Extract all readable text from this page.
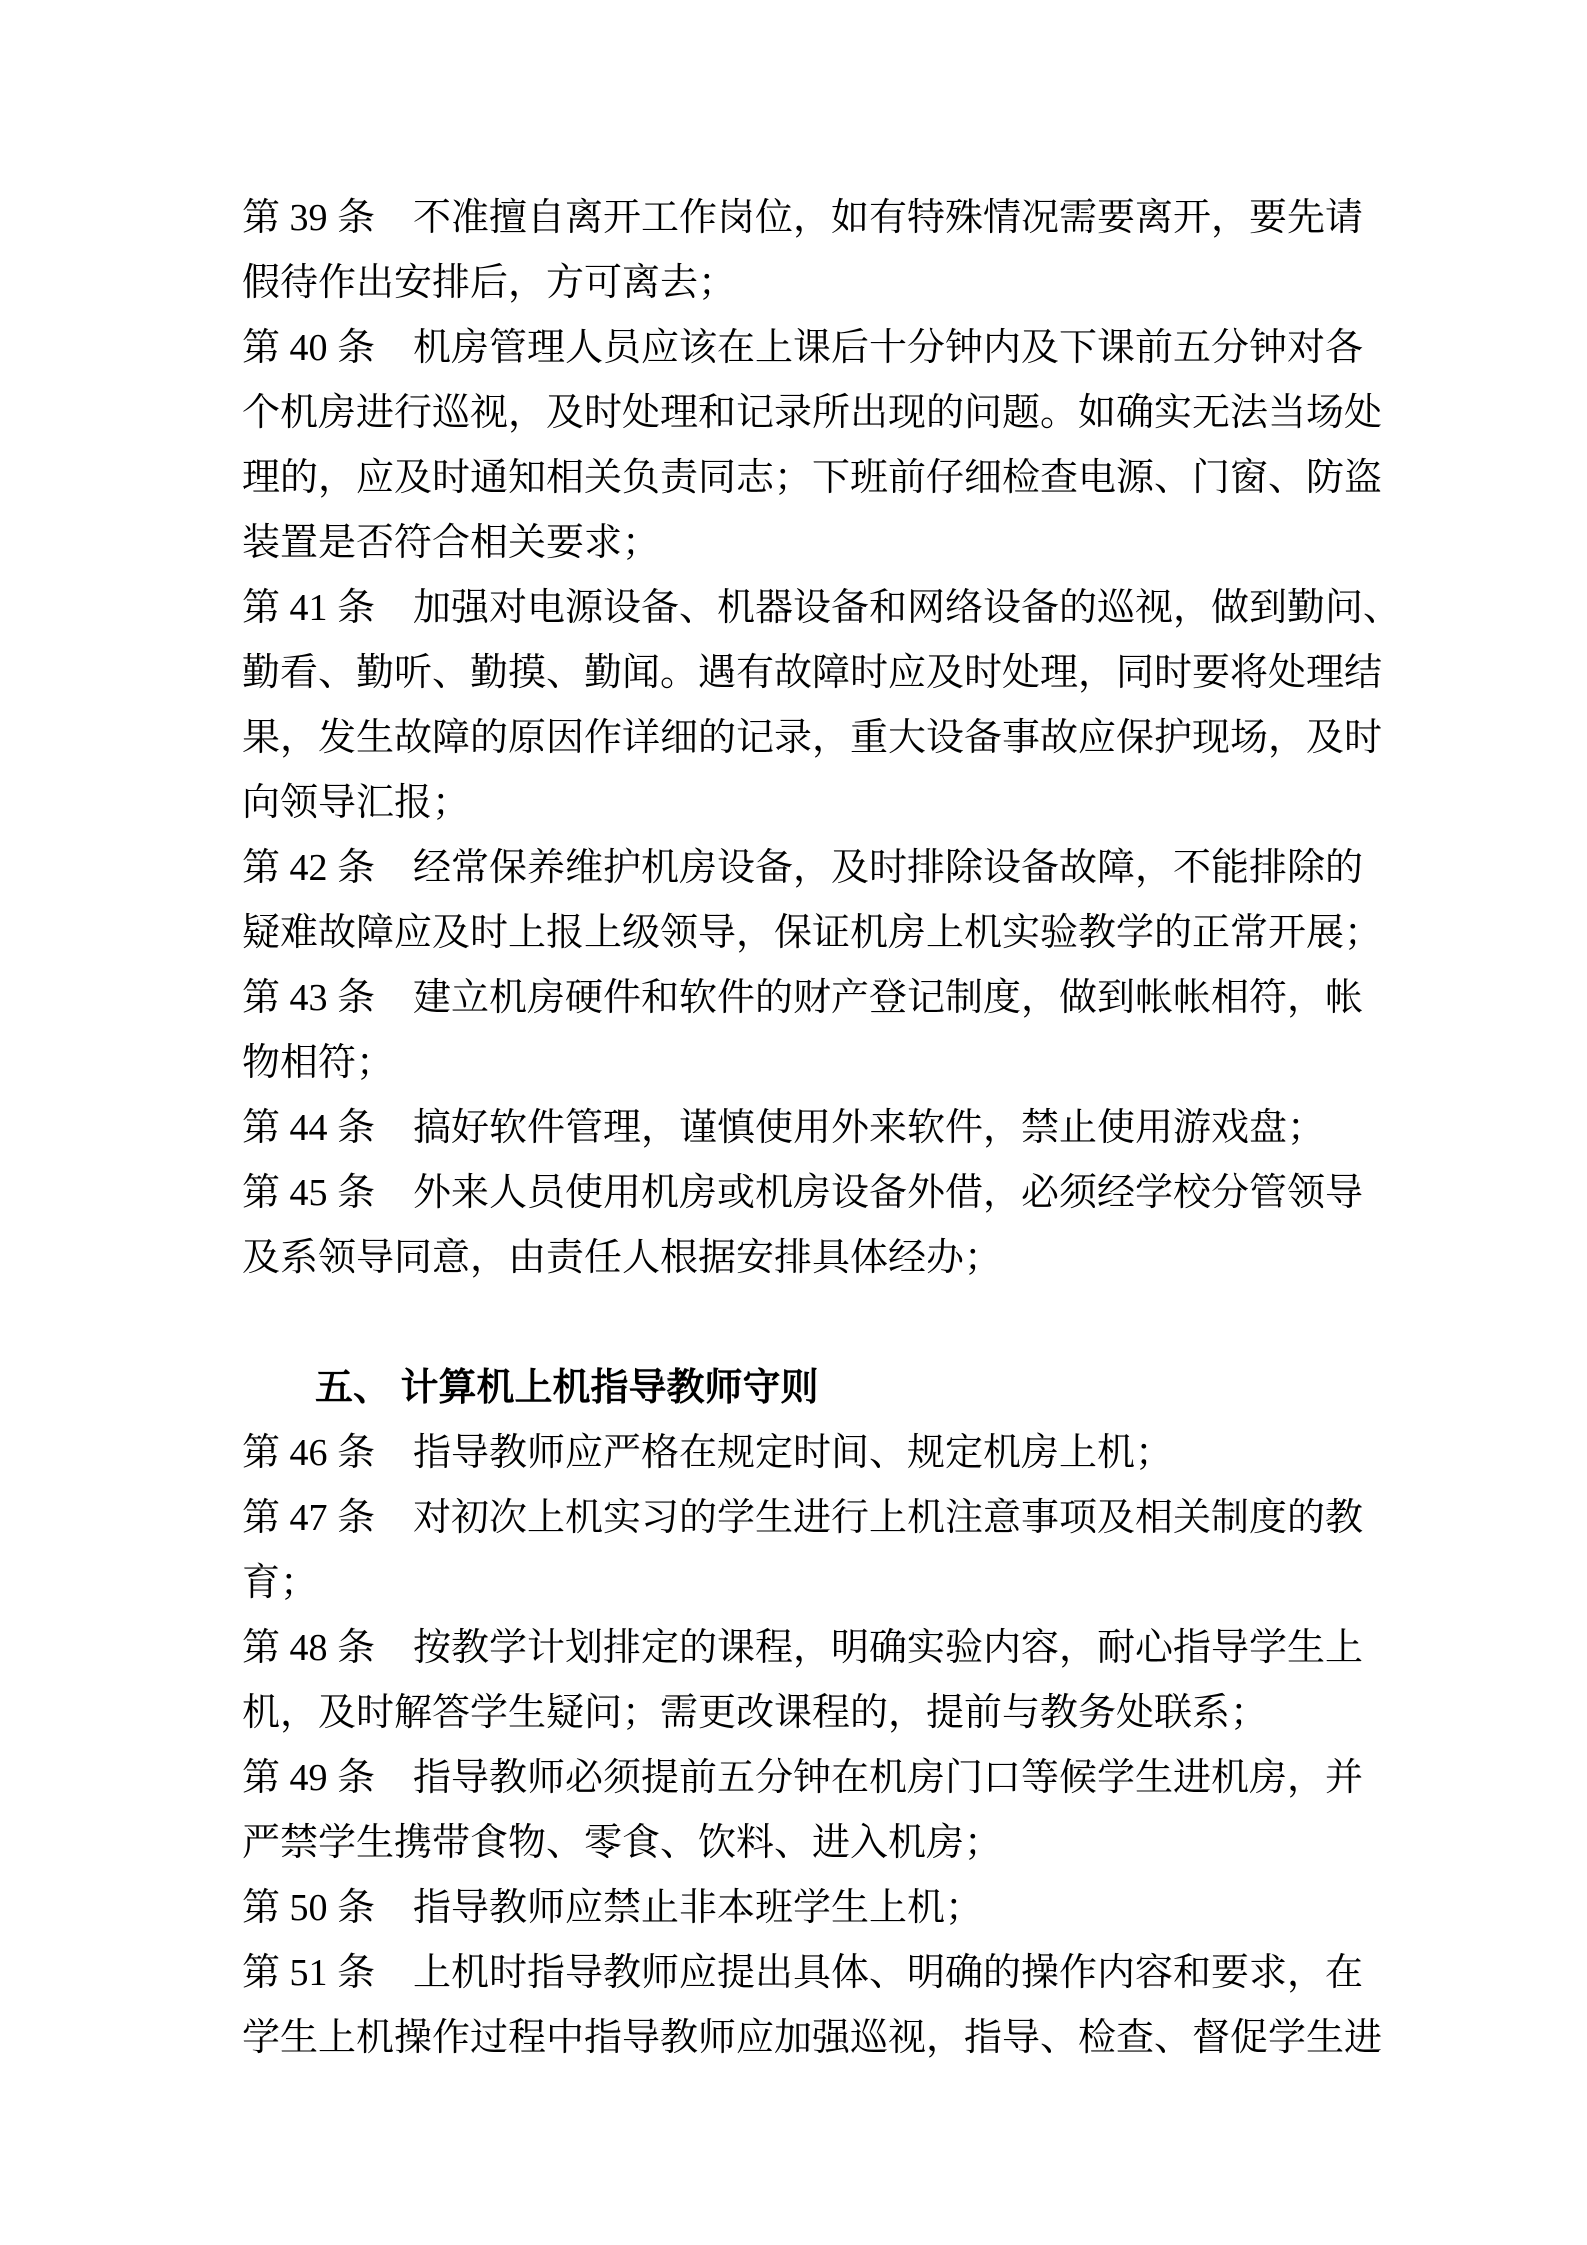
第 39 条　不准擅自离开工作岗位，如有特殊情况需要离开，要先请
假待作出安排后，方可离去；
第 40 条　机房管理人员应该在上课后十分钟内及下课前五分钟对各
个机房进行巡视，及时处理和记录所出现的问题。如确实无法当场处
理的，应及时通知相关负责同志；下班前仔细检查电源、门窗、防盗
装置是否符合相关要求；
第 41 条　加强对电源设备、机器设备和网络设备的巡视，做到勤问、
勤看、勤听、勤摸、勤闻。遇有故障时应及时处理，同时要将处理结
果，发生故障的原因作详细的记录，重大设备事故应保护现场，及时
向领导汇报；
第 42 条　经常保养维护机房设备，及时排除设备故障，不能排除的
疑难故障应及时上报上级领导，保证机房上机实验教学的正常开展；
第 43 条　建立机房硬件和软件的财产登记制度，做到帐帐相符，帐
物相符；
第 44 条　搞好软件管理，谨慎使用外来软件，禁止使用游戏盘；
第 45 条　外来人员使用机房或机房设备外借，必须经学校分管领导
及系领导同意，由责任人根据安排具体经办；
五、 计算机上机指导教师守则
第 46 条　指导教师应严格在规定时间、规定机房上机；
第 47 条　对初次上机实习的学生进行上机注意事项及相关制度的教
育；
第 48 条　按教学计划排定的课程，明确实验内容，耐心指导学生上
机，及时解答学生疑问；需更改课程的，提前与教务处联系；
第 49 条　指导教师必须提前五分钟在机房门口等候学生进机房，并
严禁学生携带食物、零食、饮料、进入机房；
第 50 条　指导教师应禁止非本班学生上机；
第 51 条　上机时指导教师应提出具体、明确的操作内容和要求，在
学生上机操作过程中指导教师应加强巡视，指导、检查、督促学生进
